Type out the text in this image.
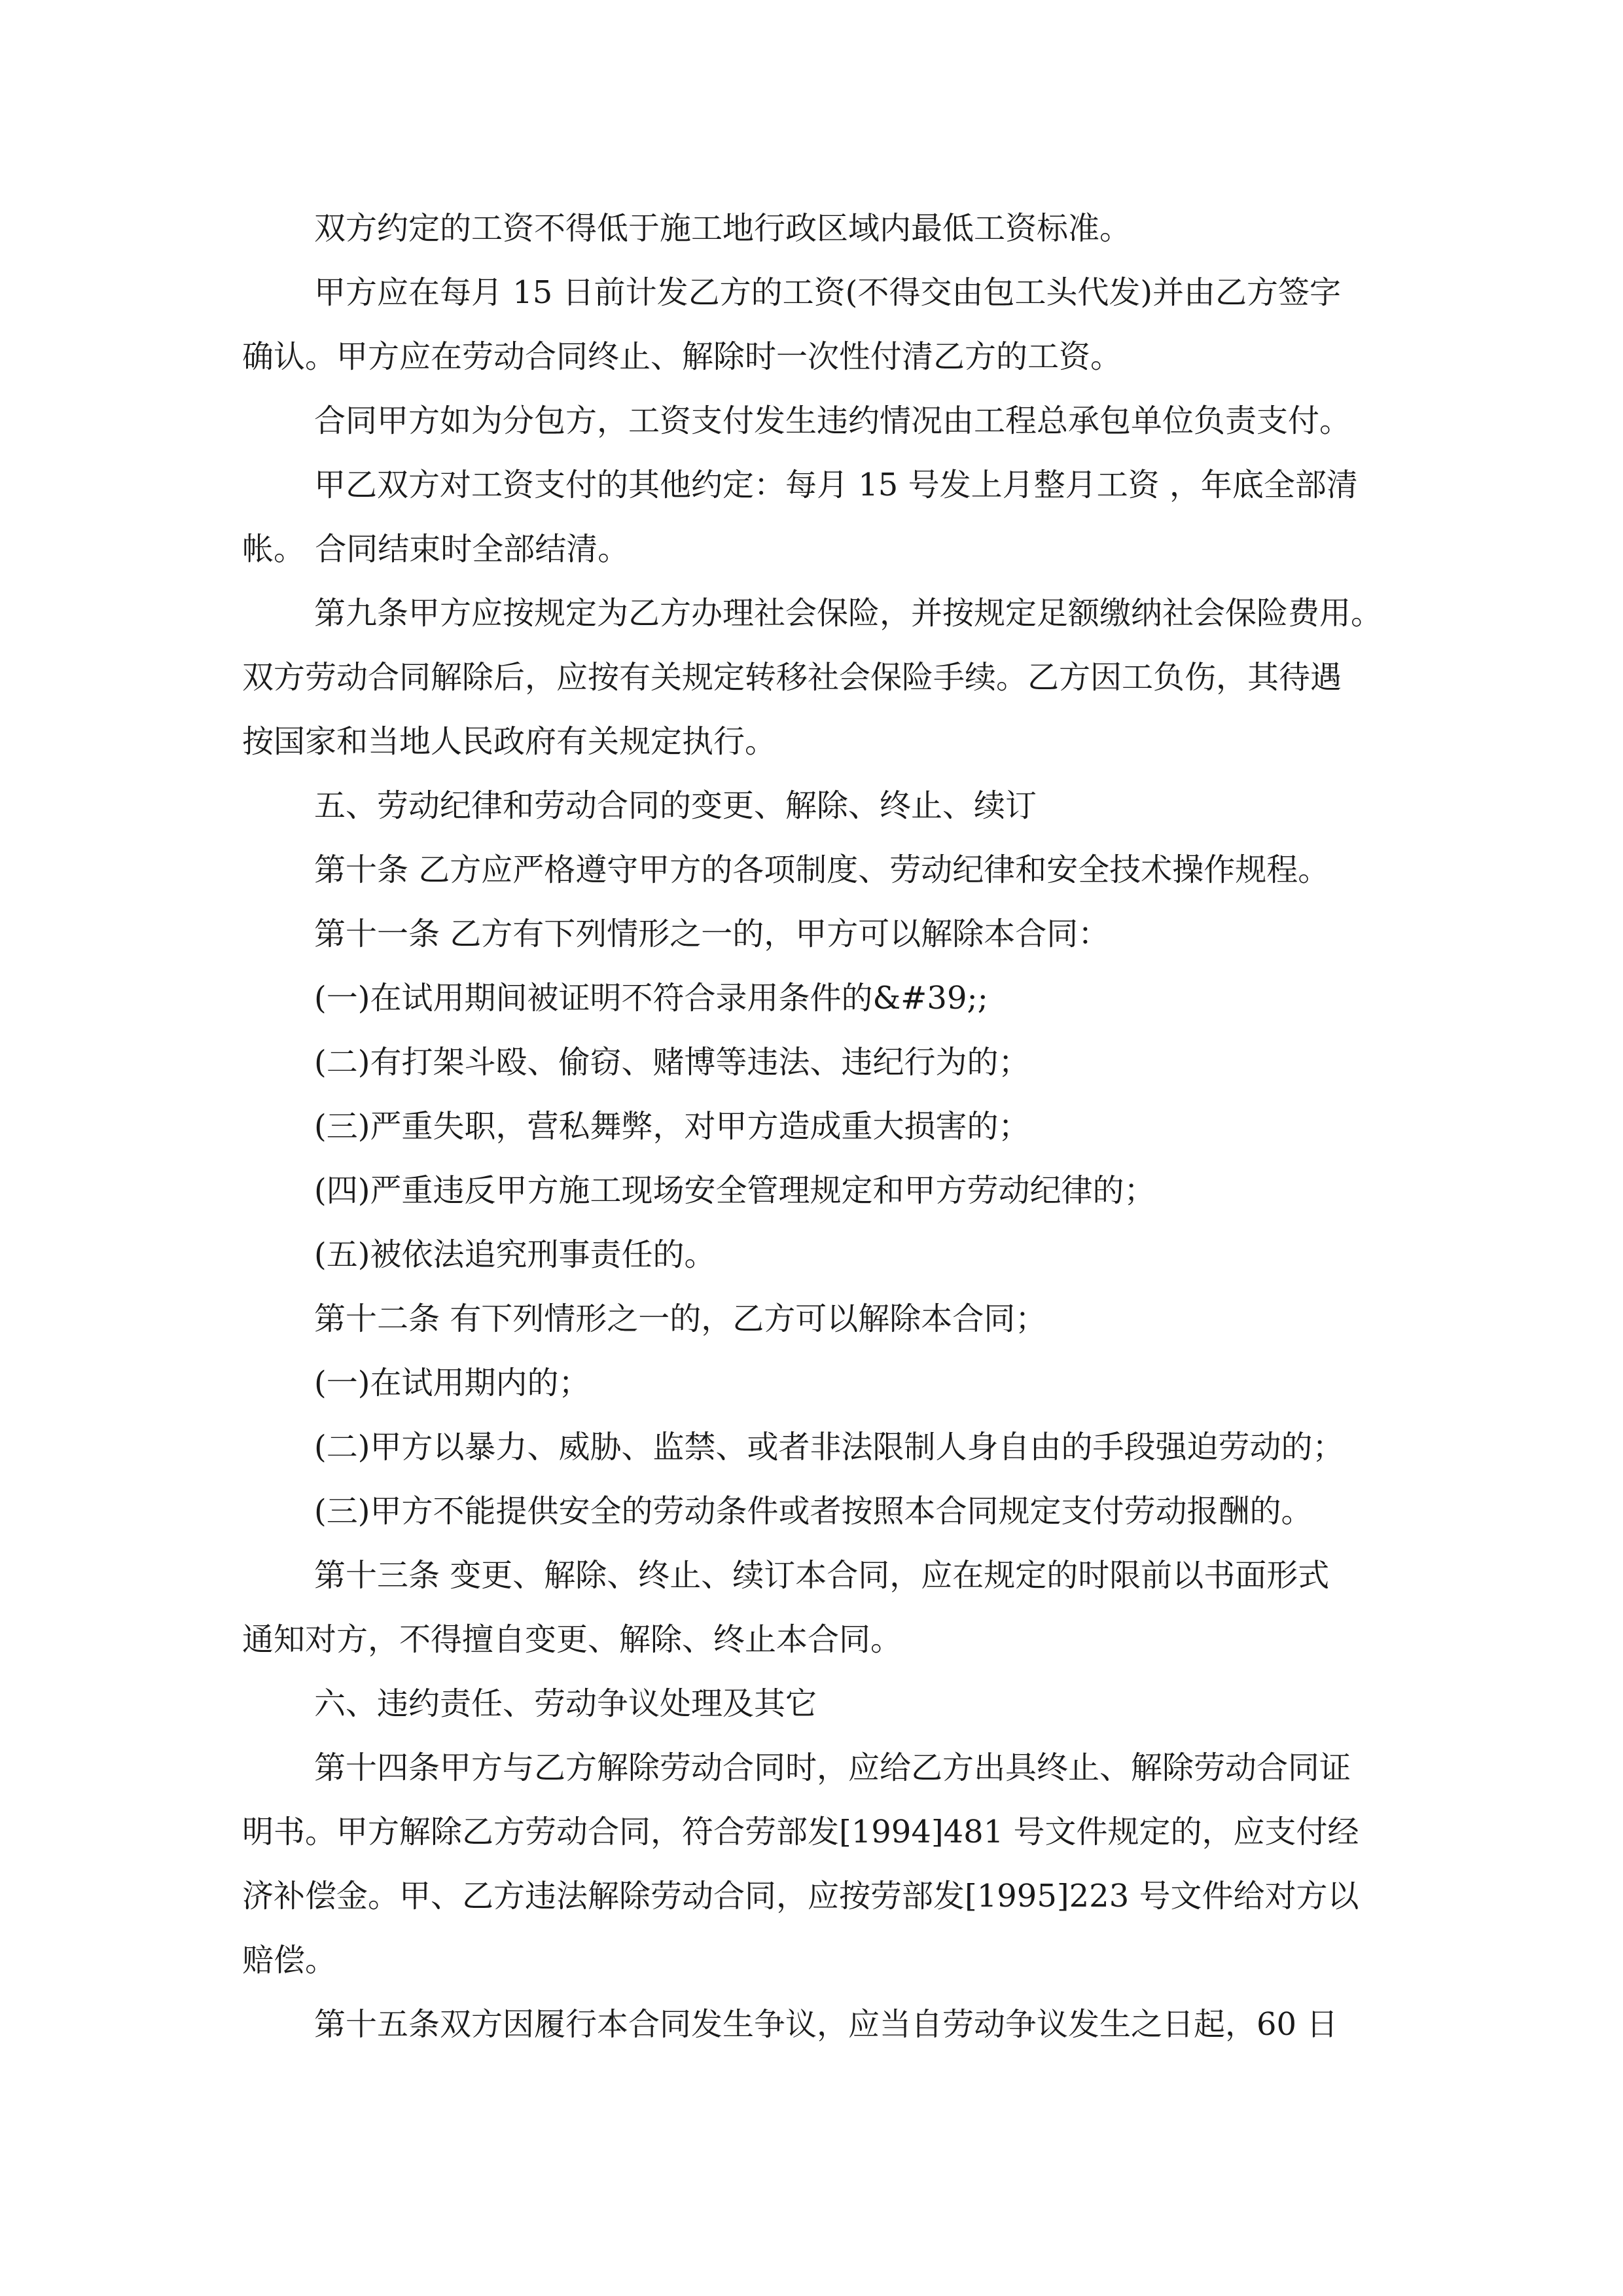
双方约定的工资不得低于施工地行政区域内最低工资标准。
甲方应在每月 15 日前计发乙方的工资(不得交由包工头代发)并由乙方签字
确认。甲方应在劳动合同终止、解除时一次性付清乙方的工资。
合同甲方如为分包方，工资支付发生违约情况由工程总承包单位负责支付。
甲乙双方对工资支付的其他约定：每月 15 号发上月整月工资 ，年底全部清
帐。 合同结束时全部结清。
第九条甲方应按规定为乙方办理社会保险，并按规定足额缴纳社会保险费用。
双方劳动合同解除后，应按有关规定转移社会保险手续。乙方因工负伤，其待遇
按国家和当地人民政府有关规定执行。
五、劳动纪律和劳动合同的变更、解除、终止、续订
第十条 乙方应严格遵守甲方的各项制度、劳动纪律和安全技术操作规程。
第十一条 乙方有下列情形之一的，甲方可以解除本合同：
(一)在试用期间被证明不符合录用条件的&#39;;
(二)有打架斗殴、偷窃、赌博等违法、违纪行为的；
(三)严重失职，营私舞弊，对甲方造成重大损害的；
(四)严重违反甲方施工现场安全管理规定和甲方劳动纪律的；
(五)被依法追究刑事责任的。
第十二条 有下列情形之一的，乙方可以解除本合同；
(一)在试用期内的；
(二)甲方以暴力、威胁、监禁、或者非法限制人身自由的手段强迫劳动的；
(三)甲方不能提供安全的劳动条件或者按照本合同规定支付劳动报酬的。
第十三条 变更、解除、终止、续订本合同，应在规定的时限前以书面形式
通知对方，不得擅自变更、解除、终止本合同。
六、违约责任、劳动争议处理及其它
第十四条甲方与乙方解除劳动合同时，应给乙方出具终止、解除劳动合同证
明书。甲方解除乙方劳动合同，符合劳部发[1994]481 号文件规定的，应支付经
济补偿金。甲、乙方违法解除劳动合同，应按劳部发[1995]223 号文件给对方以
赔偿。
第十五条双方因履行本合同发生争议，应当自劳动争议发生之日起，60 日
